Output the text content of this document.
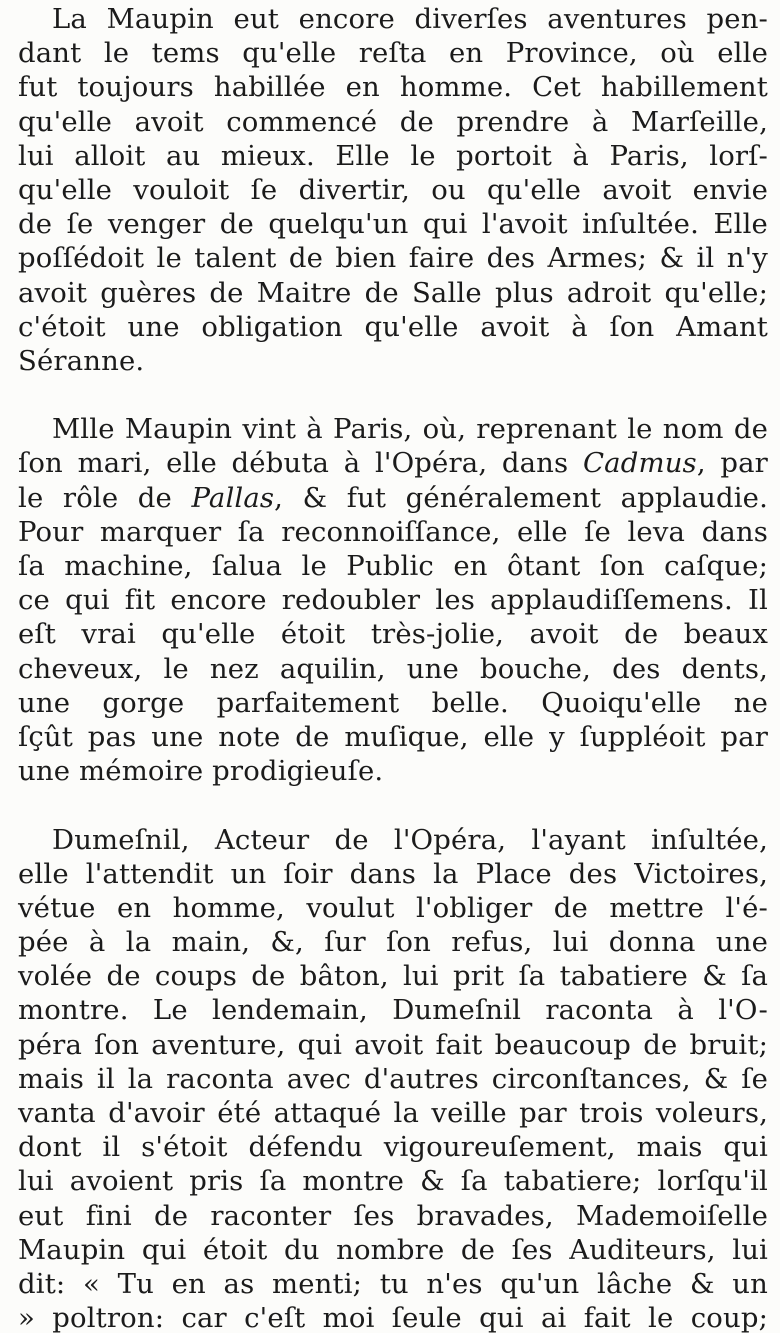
La Maupin eut encore diverſes aventures pen-
dant le tems qu'elle reſta en Province, où elle
fut toujours habillée en homme. Cet habillement
qu'elle avoit commencé de prendre à Marſeille,
lui alloit au mieux. Elle le portoit à Paris, lorſ-
qu'elle vouloit ſe divertir, ou qu'elle avoit envie
de ſe venger de quelqu'un qui l'avoit inſultée. Elle
poſſédoit le talent de bien faire des Armes; & il n'y
avoit guères de Maitre de Salle plus adroit qu'elle;
c'étoit une obligation qu'elle avoit à ſon Amant
Séranne.

Mlle Maupin vint à Paris, où, reprenant le nom de
ſon mari, elle débuta à l'Opéra, dans Cadmus, par
le rôle de Pallas, & fut généralement applaudie.
Pour marquer ſa reconnoiſſance, elle ſe leva dans
ſa machine, ſalua le Public en ôtant ſon caſque;
ce qui fit encore redoubler les applaudiſſemens. Il
eſt vrai qu'elle étoit très-jolie, avoit de beaux
cheveux, le nez aquilin, une bouche, des dents,
une gorge parfaitement belle. Quoiqu'elle ne
ſçût pas une note de muſique, elle y ſuppléoit par
une mémoire prodigieuſe.

Dumeſnil, Acteur de l'Opéra, l'ayant inſultée,
elle l'attendit un ſoir dans la Place des Victoires,
vétue en homme, voulut l'obliger de mettre l'é-
pée à la main, &, ſur ſon refus, lui donna une
volée de coups de bâton, lui prit ſa tabatiere & ſa
montre. Le lendemain, Dumeſnil raconta à l'O-
péra ſon aventure, qui avoit fait beaucoup de bruit;
mais il la raconta avec d'autres circonſtances, & ſe
vanta d'avoir été attaqué la veille par trois voleurs,
dont il s'étoit défendu vigoureuſement, mais qui
lui avoient pris ſa montre & ſa tabatiere; lorſqu'il
eut fini de raconter ſes bravades, Mademoiſelle
Maupin qui étoit du nombre de ſes Auditeurs, lui
dit: « Tu en as menti; tu n'es qu'un lâche & un
» poltron: car c'eſt moi ſeule qui ai fait le coup;
